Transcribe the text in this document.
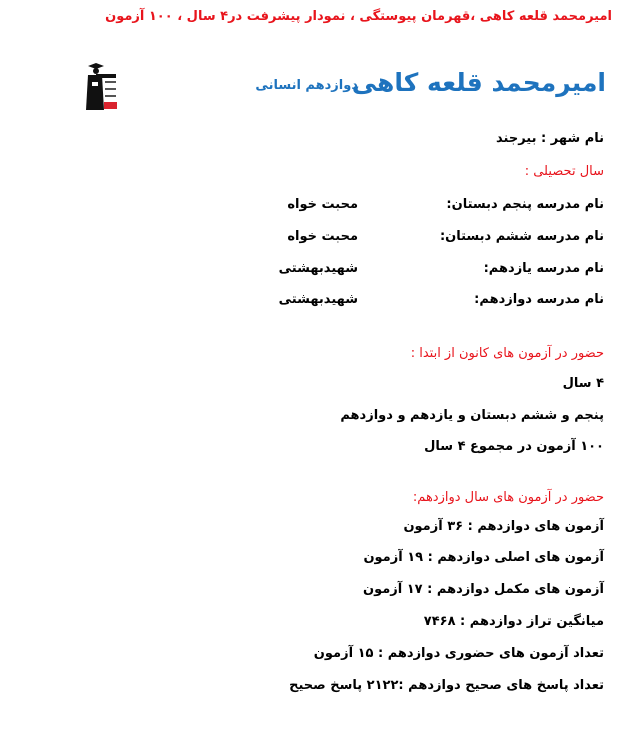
امیرمحمد قلعه کاهی ،قهرمان پیوستگی ، نمودار پیشرفت در۴ سال ، ۱۰۰ آزمون
امیرمحمد قلعه کاهی
دوازدهم انسانی
نام شهر : بیرجند
سال تحصیلی :
نام مدرسه پنجم دبستان:
محبت خواه
نام مدرسه ششم دبستان:
محبت خواه
نام مدرسه یازدهم:
شهیدبهشتی
نام مدرسه دوازدهم:
شهیدبهشتی
حضور در آزمون های کانون از ابتدا :
۴ سال
پنجم و ششم دبستان و یازدهم و دوازدهم
۱۰۰ آزمون در مجموع ۴ سال
حضور در آزمون های سال دوازدهم:
آزمون های دوازدهم : ۳۶ آزمون
آزمون های اصلی دوازدهم : ۱۹ آزمون
آزمون های مکمل دوازدهم : ۱۷ آزمون
میانگین تراز دوازدهم : ۷۴۶۸
تعداد آزمون های حضوری دوازدهم : ۱۵ آزمون
تعداد پاسخ های صحیح دوازدهم :۲۱۲۲ پاسخ صحیح
